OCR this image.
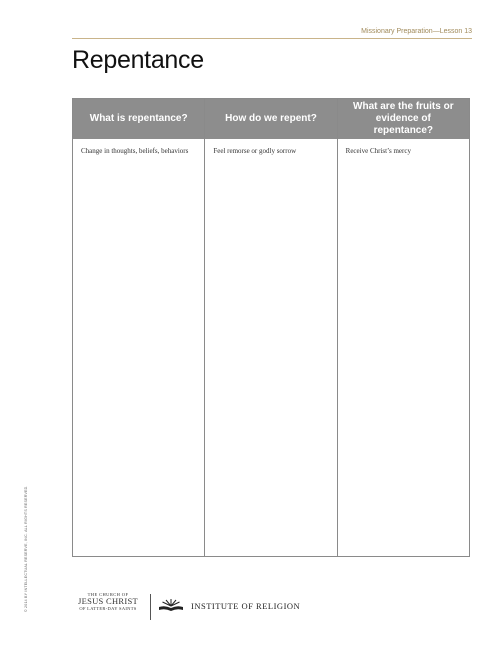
Missionary Preparation—Lesson 13
Repentance
What is repentance?
Change in thoughts, beliefs, behaviors
How do we repent?
Feel remorse or godly sorrow
What are the fruits or evidence of repentance?
Receive Christ’s mercy
© 2014 BY INTELLECTUAL RESERVE, INC. ALL RIGHTS RESERVED.	THE CHURCH OF
JESUS CHRIST
OF LATTER-DAY SAINTS	INSTITUTE OF RELIGION
